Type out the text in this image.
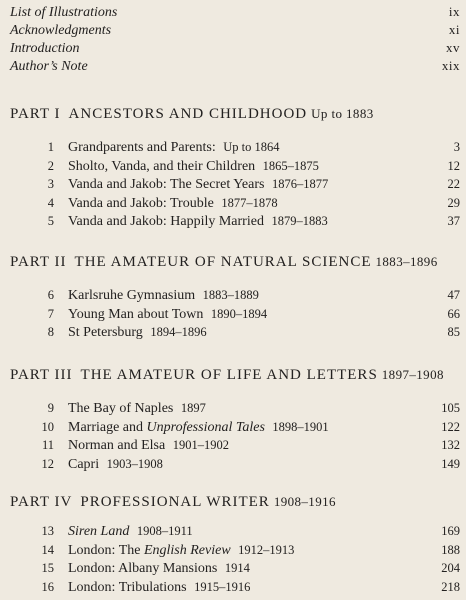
List of Illustrations	ix
Acknowledgments	xi
Introduction	xv
Author’s Note	xix
PART I ANCESTORS AND CHILDHOOD Up to 1883
1	Grandparents and Parents: Up to 1864	3
2	Sholto, Vanda, and their Children 1865–1875	12
3	Vanda and Jakob: The Secret Years 1876–1877	22
4	Vanda and Jakob: Trouble 1877–1878	29
5	Vanda and Jakob: Happily Married 1879–1883	37
PART II THE AMATEUR OF NATURAL SCIENCE 1883–1896
6	Karlsruhe Gymnasium 1883–1889	47
7	Young Man about Town 1890–1894	66
8	St Petersburg 1894–1896	85
PART III THE AMATEUR OF LIFE AND LETTERS 1897–1908
9	The Bay of Naples 1897	105
10	Marriage and Unprofessional Tales 1898–1901	122
11	Norman and Elsa 1901–1902	132
12	Capri 1903–1908	149
PART IV PROFESSIONAL WRITER 1908–1916
13	Siren Land 1908–1911	169
14	London: The English Review 1912–1913	188
15	London: Albany Mansions 1914	204
16	London: Tribulations 1915–1916	218
